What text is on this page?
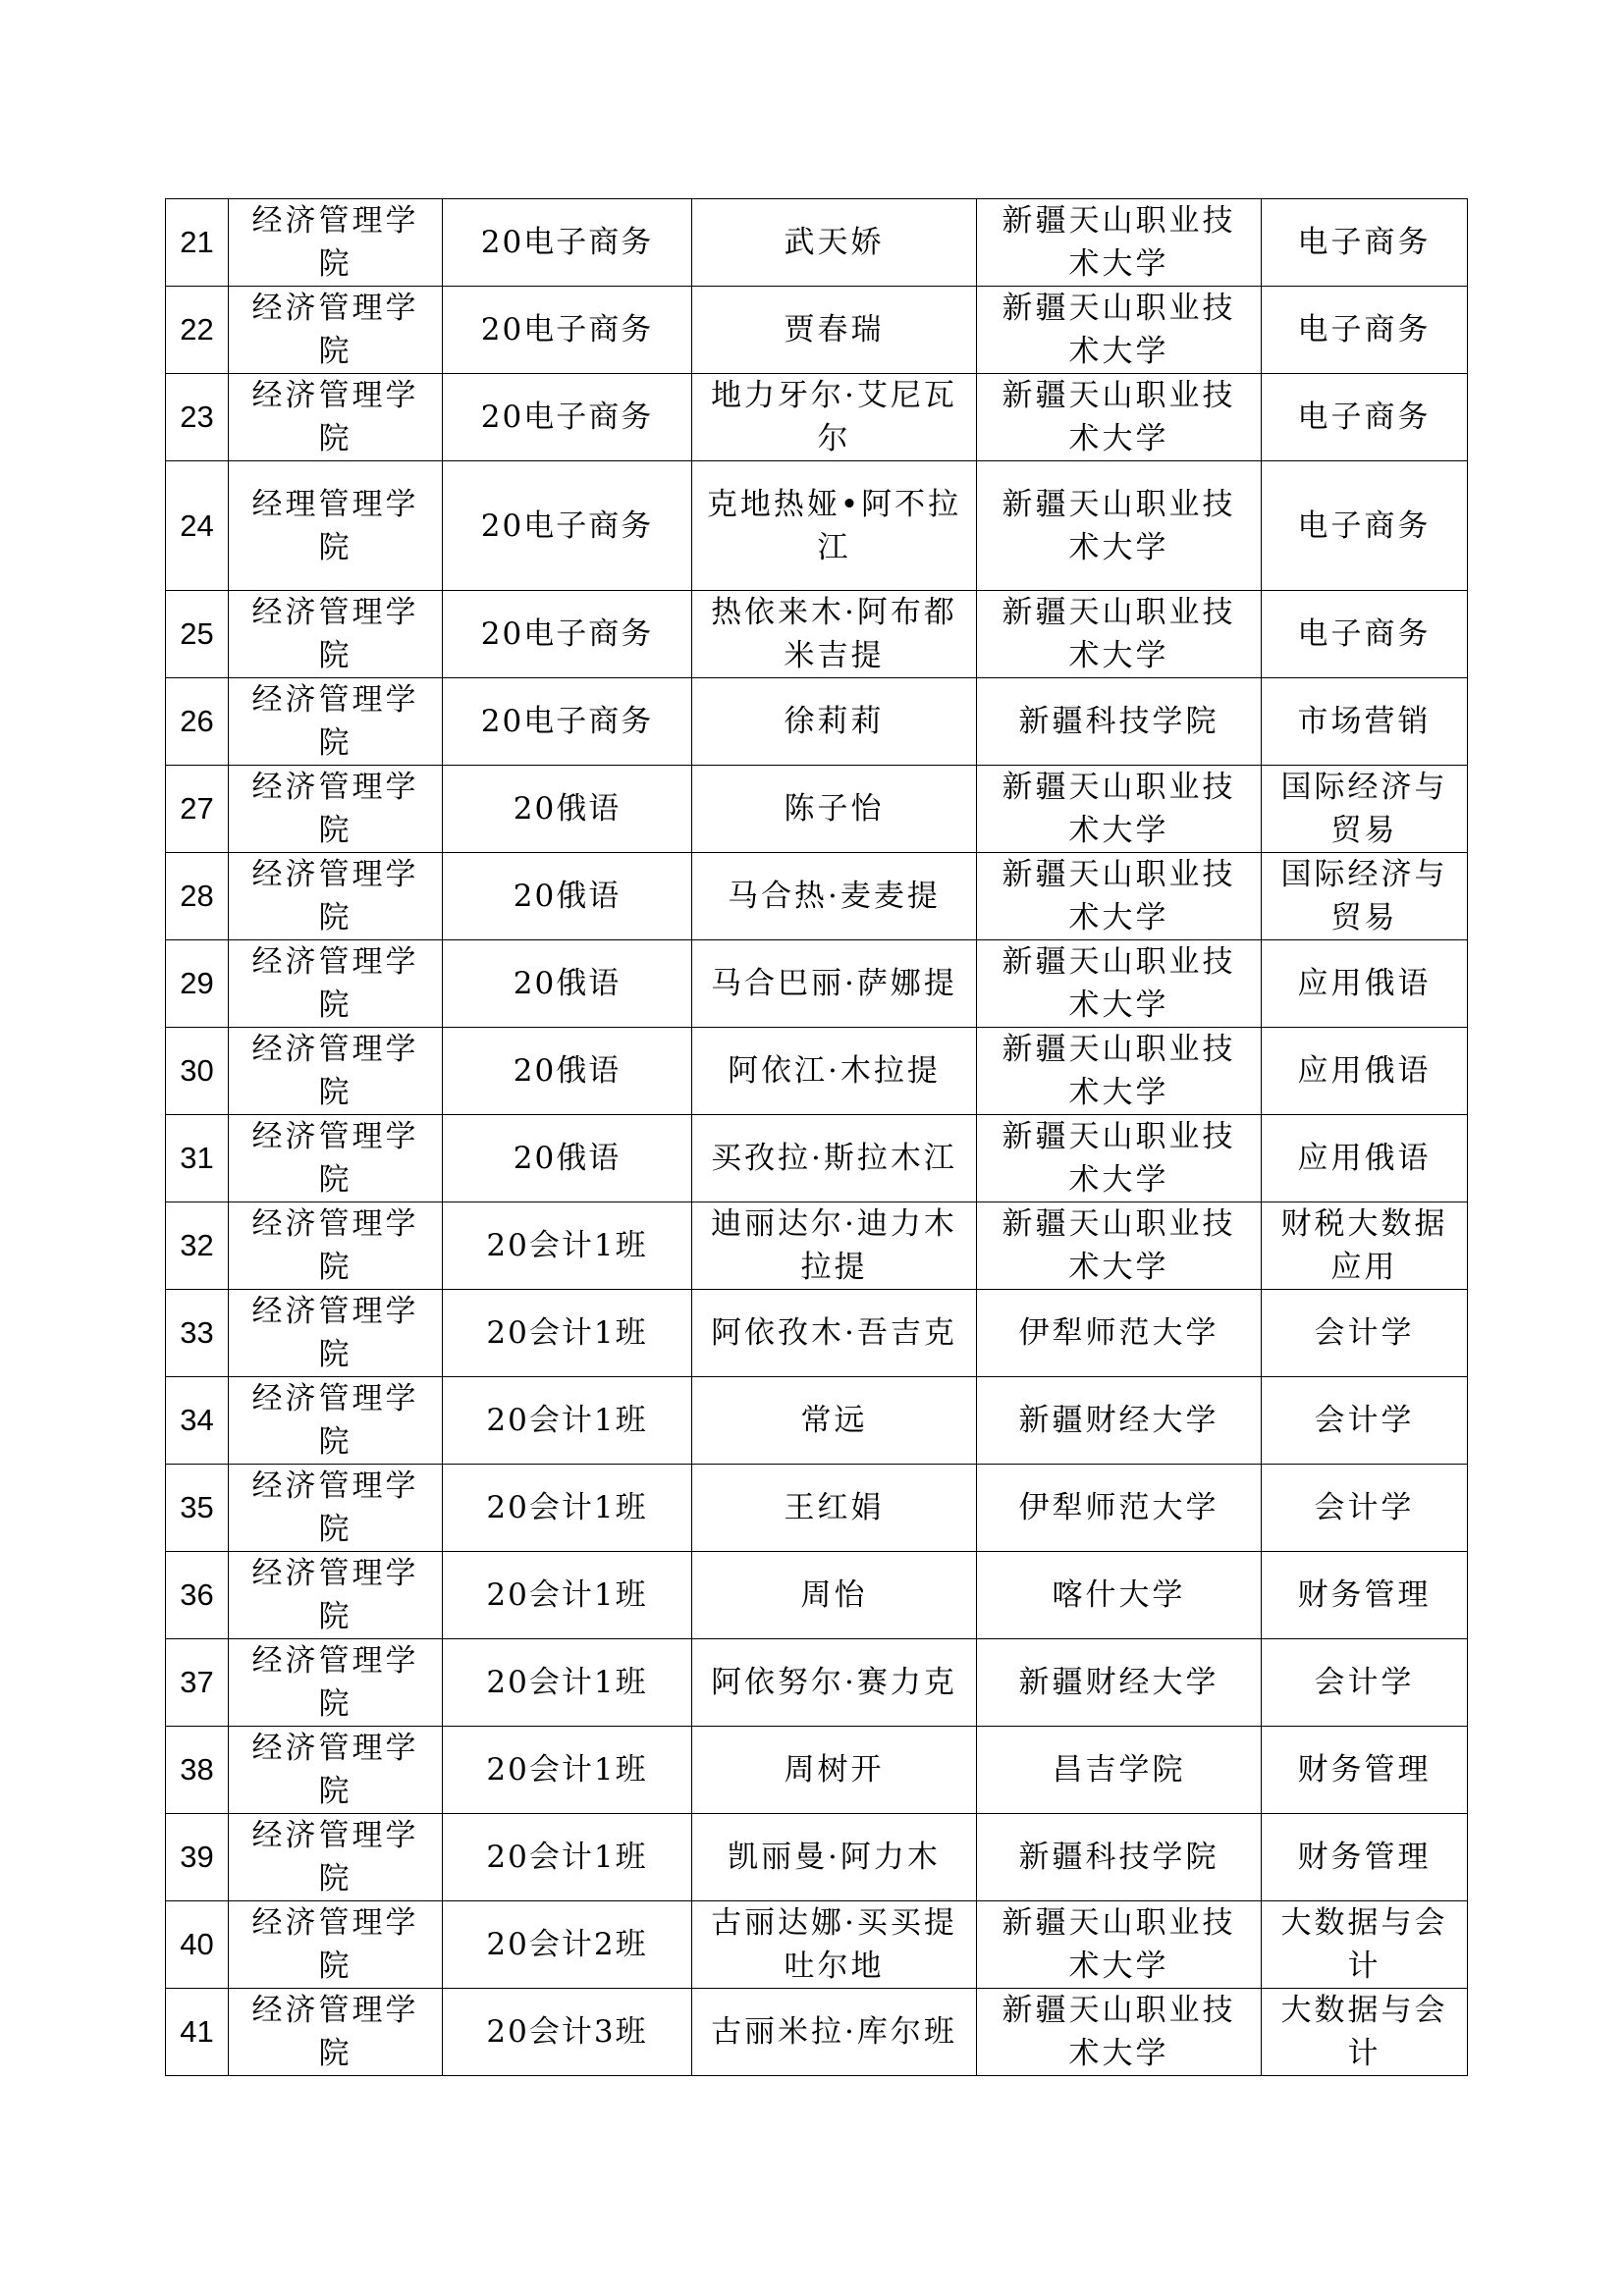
21	经济管理学院	20电子商务	武天娇	新疆天山职业技术大学	电子商务
22	经济管理学院	20电子商务	贾春瑞	新疆天山职业技术大学	电子商务
23	经济管理学院	20电子商务	地力牙尔·艾尼瓦尔	新疆天山职业技术大学	电子商务
24	经理管理学院	20电子商务	克地热娅•阿不拉江	新疆天山职业技术大学	电子商务
25	经济管理学院	20电子商务	热依来木·阿布都米吉提	新疆天山职业技术大学	电子商务
26	经济管理学院	20电子商务	徐莉莉	新疆科技学院	市场营销
27	经济管理学院	20俄语	陈子怡	新疆天山职业技术大学	国际经济与贸易
28	经济管理学院	20俄语	马合热·麦麦提	新疆天山职业技术大学	国际经济与贸易
29	经济管理学院	20俄语	马合巴丽·萨娜提	新疆天山职业技术大学	应用俄语
30	经济管理学院	20俄语	阿依江·木拉提	新疆天山职业技术大学	应用俄语
31	经济管理学院	20俄语	买孜拉·斯拉木江	新疆天山职业技术大学	应用俄语
32	经济管理学院	20会计1班	迪丽达尔·迪力木拉提	新疆天山职业技术大学	财税大数据应用
33	经济管理学院	20会计1班	阿依孜木·吾吉克	伊犁师范大学	会计学
34	经济管理学院	20会计1班	常远	新疆财经大学	会计学
35	经济管理学院	20会计1班	王红娟	伊犁师范大学	会计学
36	经济管理学院	20会计1班	周怡	喀什大学	财务管理
37	经济管理学院	20会计1班	阿依努尔·赛力克	新疆财经大学	会计学
38	经济管理学院	20会计1班	周树开	昌吉学院	财务管理
39	经济管理学院	20会计1班	凯丽曼·阿力木	新疆科技学院	财务管理
40	经济管理学院	20会计2班	古丽达娜·买买提吐尔地	新疆天山职业技术大学	大数据与会计
41	经济管理学院	20会计3班	古丽米拉·库尔班	新疆天山职业技术大学	大数据与会计
